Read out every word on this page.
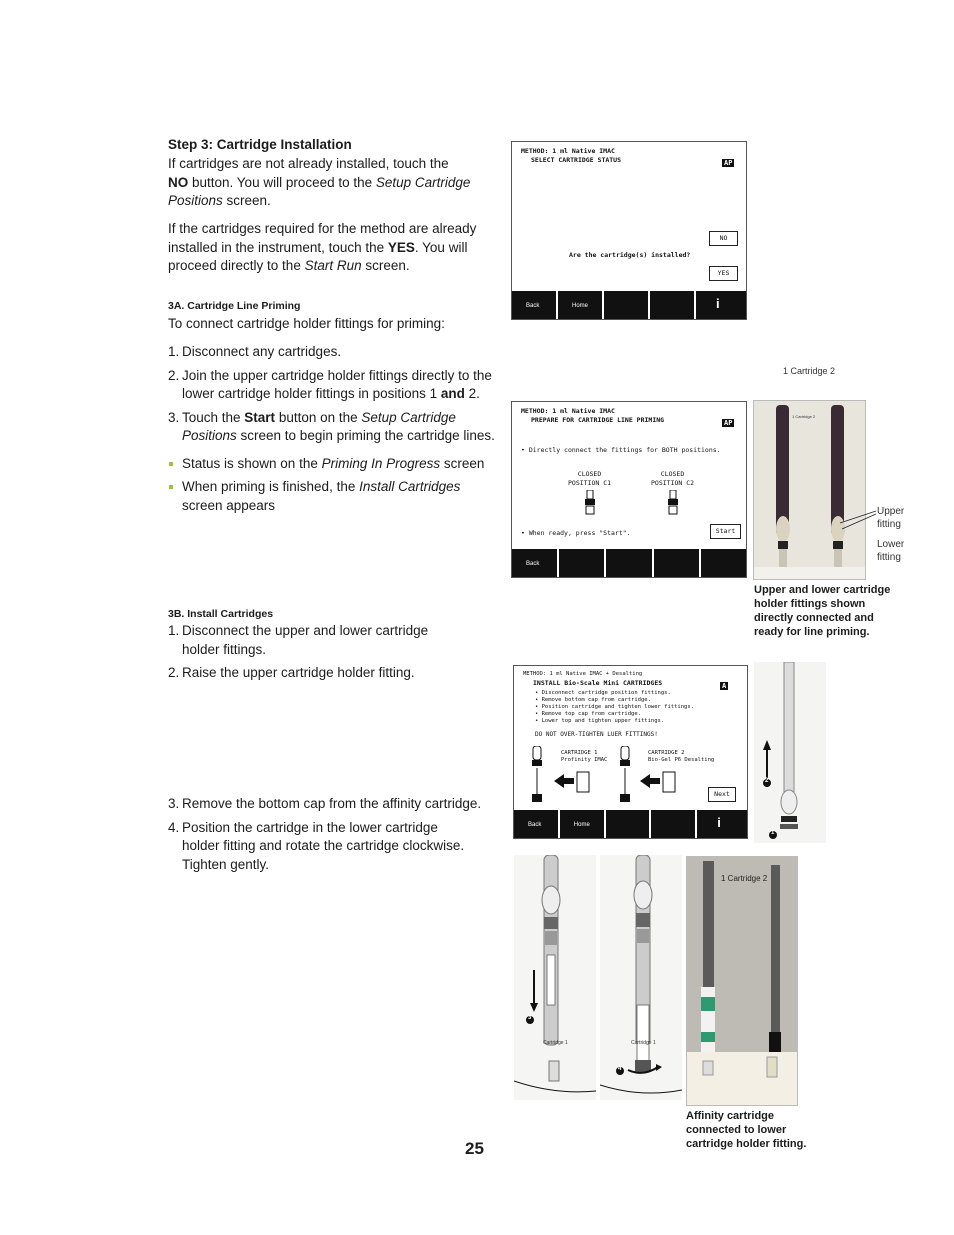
Step 3: Cartridge Installation
If cartridges are not already installed, touch the
NO button. You will proceed to the Setup Cartridge Positions screen.
If the cartridges required for the method are already installed in the instrument, touch the YES. You will proceed directly to the Start Run screen.
3A. Cartridge Line Priming
To connect cartridge holder fittings for priming:
1. Disconnect any cartridges.
2. Join the upper cartridge holder fittings directly to the lower cartridge holder fittings in positions 1 and 2.
3. Touch the Start button on the Setup Cartridge Positions screen to begin priming the cartridge lines.
Status is shown on the Priming In Progress screen
When priming is finished, the Install Cartridges screen appears
3B. Install Cartridges
1. Disconnect the upper and lower cartridge holder fittings.
2. Raise the upper cartridge holder fitting.
3. Remove the bottom cap from the affinity cartridge.
4. Position the cartridge in the lower cartridge holder fitting and rotate the cartridge clockwise. Tighten gently.
METHOD: 1 ml Native IMAC
SELECT CARTRIDGE STATUS	AP
NO
Are the cartridge(s) installed?
YES
Back	Home	i
METHOD: 1 ml Native IMAC
PREPARE FOR CARTRIDGE LINE PRIMING	AP
• Directly connect the fittings for BOTH positions.
CLOSED
POSITION C1
CLOSED
POSITION C2
• When ready, press "Start".	Start
Back
1 Cartridge 2
1 Cartridge 2
Upper fitting
Lower fitting
Upper and lower cartridge holder fittings shown directly connected and ready for line priming.
METHOD: 1 ml Native IMAC + Desalting
INSTALL Bio-Scale Mini CARTRIDGES	A
• Disconnect cartridge position fittings.
• Remove bottom cap from cartridge.
• Position cartridge and tighten lower fittings.
• Remove top cap from cartridge.
• Lower top and tighten upper fittings.
DO NOT OVER-TIGHTEN LUER FITTINGS!
CARTRIDGE 1
Profinity IMAC
CARTRIDGE 2
Bio-Gel P6 Desalting
Next
Back	Home	i
2
1
3
Cartridge 1
4
Cartridge 1
1 Cartridge 2
Affinity cartridge connected to lower cartridge holder fitting.
25
